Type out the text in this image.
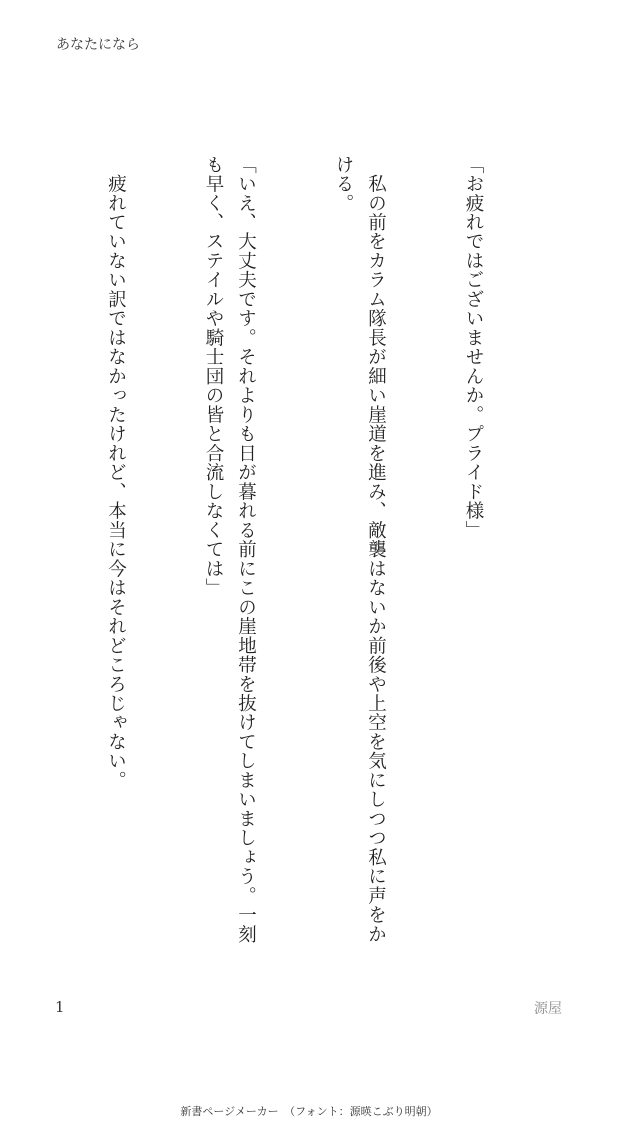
あなたになら

「お疲れではございませんか。プライド様」

　私の前をカラム隊長が細い崖道を進み、敵襲はないか前後や上空を気にしつつ私に声をかける。

「いえ、大丈夫です。それよりも日が暮れる前にこの崖地帯を抜けてしまいましょう。一刻も早く、ステイルや騎士団の皆と合流しなくては」

　疲れていない訳ではなかったけれど、本当に今はそれどころじゃない。

1	源屋
新書ページメーカー　（フォント：源暎こぶり明朝）
